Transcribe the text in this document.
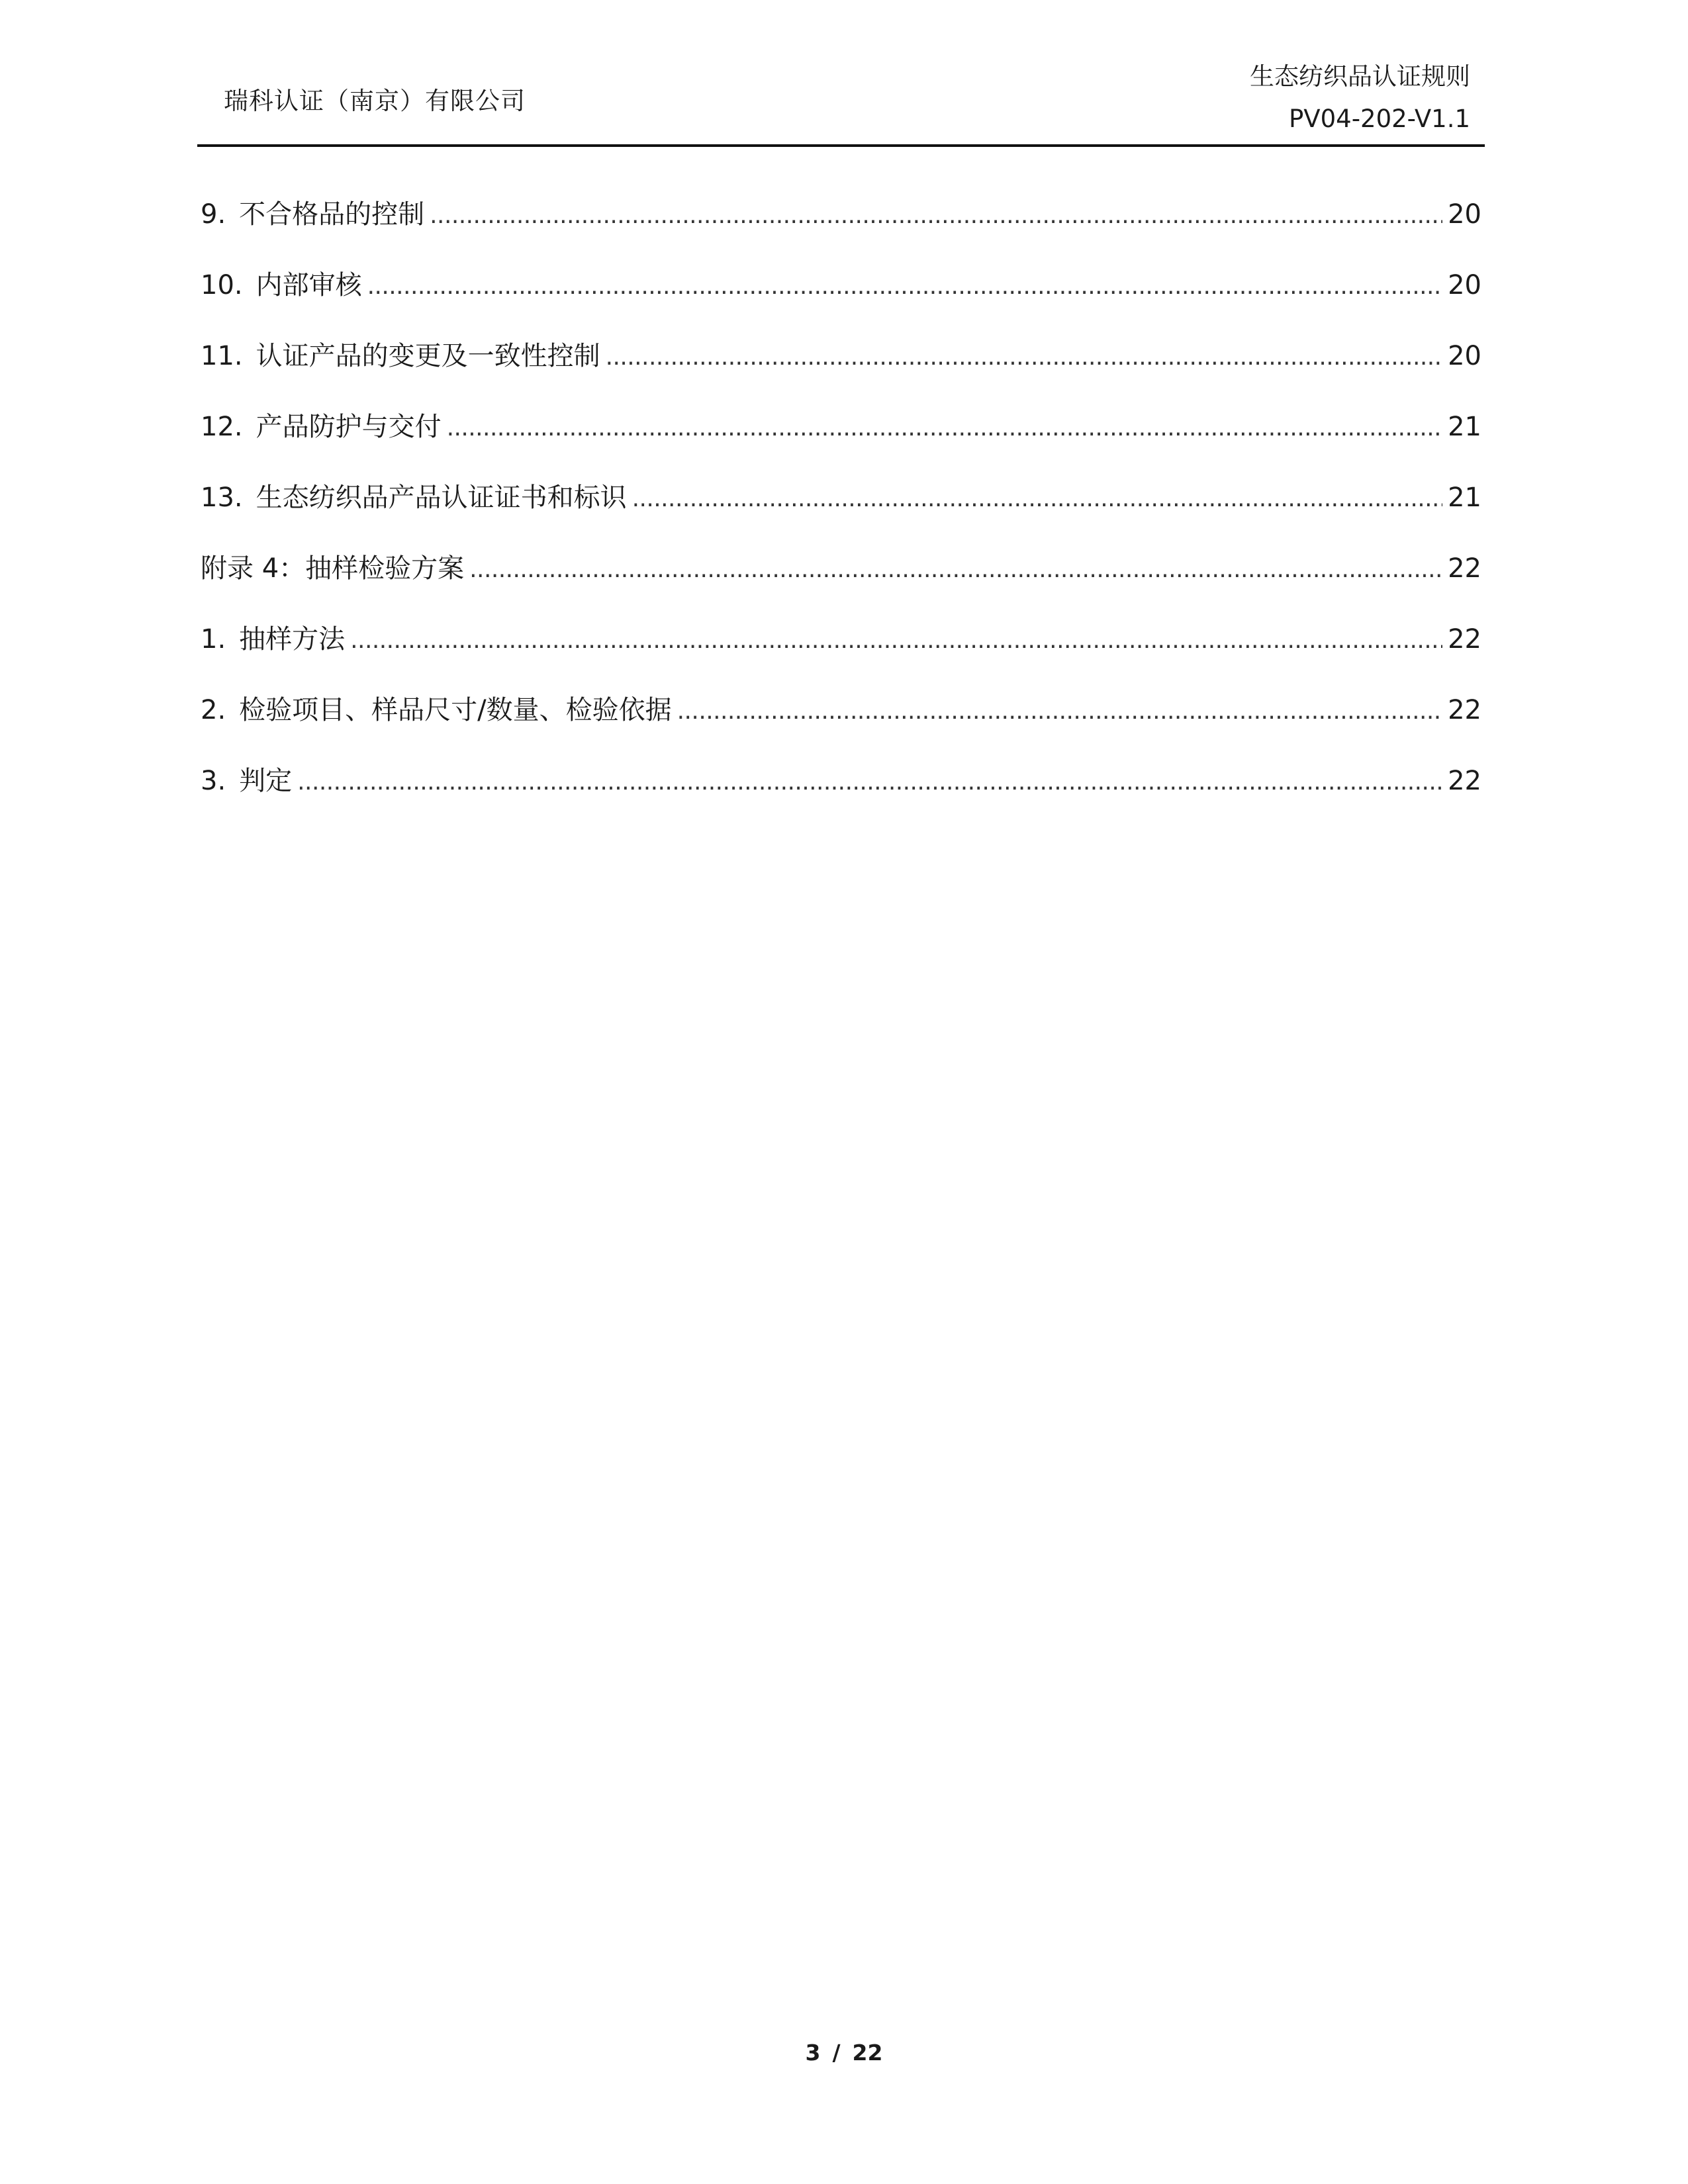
瑞科认证（南京）有限公司
生态纺织品认证规则
PV04-202-V1.1
9. 不合格品的控制 . . .	20
10. 内部审核 . . .	20
11. 认证产品的变更及一致性控制 . . .	20
12. 产品防护与交付 . . .	21
13. 生态纺织品产品认证证书和标识 . . .	21
附录 4：抽样检验方案 . . .	22
1. 抽样方法 . . .	22
2. 检验项目、样品尺寸/数量、检验依据 . . .	22
3. 判定 . . .	22
3 / 22
